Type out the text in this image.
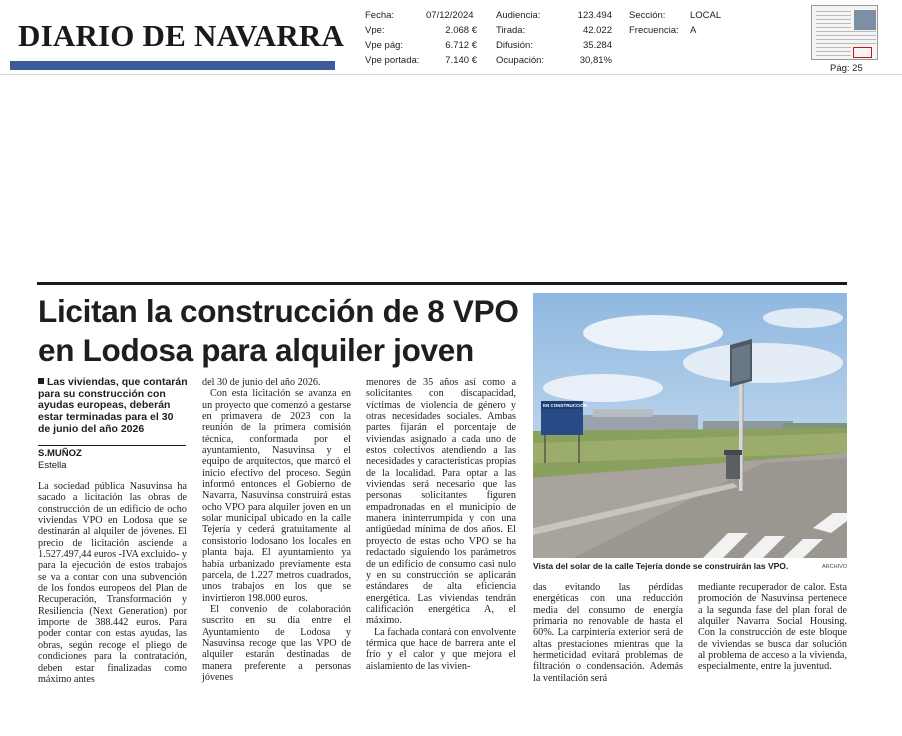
DIARIO DE NAVARRA
Fecha:	07/12/2024
Vpe:	2.068 €
Vpe pág:	6.712 €
Vpe portada:	7.140 €
Audiencia:	123.494
Tirada:	42.022
Difusión:	35.284
Ocupación:	30,81%
Sección:	LOCAL
Frecuencia: A
Pág: 25
Licitan la construcción de 8 VPO
en Lodosa para alquiler joven
Las viviendas, que contarán para su construcción con ayudas europeas, deberán estar terminadas para el 30 de junio del año 2026
S.MUÑOZ
Estella

La sociedad pública Nasuvinsa ha sacado a licitación las obras de construcción de un edificio de ocho viviendas VPO en Lodosa que se destinarán al alquiler de jóvenes. El precio de licitación asciende a 1.527.497,44 euros -IVA excluido- y para la ejecución de estos trabajos se va a contar con una subvención de los fondos europeos del Plan de Recuperación, Transformación y Resiliencia (Next Generation) por importe de 388.442 euros. Para poder contar con estas ayudas, las obras, según recoge el pliego de condiciones para la contratación, deben estar finalizadas como máximo antes

del 30 de junio del año 2026.

Con esta licitación se avanza en un proyecto que comenzó a gestarse en primavera de 2023 con la reunión de la primera comisión técnica, conformada por el ayuntamiento, Nasuvinsa y el equipo de arquitectos, que marcó el inicio efectivo del proceso. Según informó entonces el Gobierno de Navarra, Nasuvinsa construirá estas ocho VPO para alquiler joven en un solar municipal ubicado en la calle Tejería y cederá gratuitamente al consistorio lodosano los locales en planta baja. El ayuntamiento ya había urbanizado previamente esta parcela, de 1.227 metros cuadrados, unos trabajos en los que se invirtieron 198.000 euros.

El convenio de colaboración suscrito en su día entre el Ayuntamiento de Lodosa y Nasuvinsa recoge que las VPO de alquiler estarán destinadas de manera preferente a personas jóvenes

menores de 35 años así como a solicitantes con discapacidad, víctimas de violencia de género y otras necesidades sociales. Ambas partes fijarán el porcentaje de viviendas asignado a cada uno de estos colectivos atendiendo a las necesidades y características propias de la localidad. Para optar a las viviendas será necesario que las personas solicitantes figuren empadronadas en el municipio de manera ininterrumpida y con una antigüedad mínima de dos años. El proyecto de estas ocho VPO se ha redactado siguiendo los parámetros de un edificio de consumo casi nulo y en su construcción se aplicarán estándares de alta eficiencia energética. Las viviendas tendrán calificación energética A, el máximo.

La fachada contará con envolvente térmica que hace de barrera ante el frío y el calor y que mejora el aislamiento de las vivien-

EN CONSTRUCCIÓN
Vista del solar de la calle Tejería donde se construirán las VPO.	ARCHIVO

das evitando las pérdidas energéticas con una reducción media del consumo de energía primaria no renovable de hasta el 60%. La carpintería exterior será de altas prestaciones mientras que la hermeticidad evitará problemas de filtración o condensación. Además la ventilación será

mediante recuperador de calor. Esta promoción de Nasuvinsa pertenece a la segunda fase del plan foral de alquiler Navarra Social Housing. Con la construcción de este bloque de viviendas se busca dar solución al problema de acceso a la vivienda, especialmente, entre la juventud.
